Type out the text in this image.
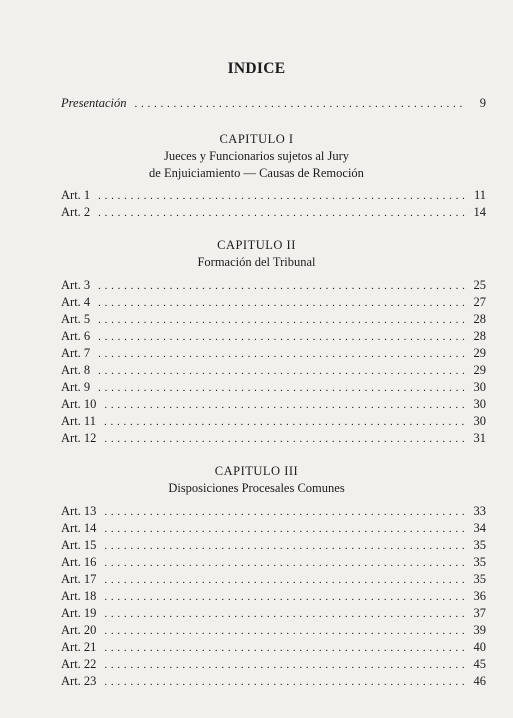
INDICE
Presentación . . .	9
CAPITULO I
Jueces y Funcionarios sujetos al Jury
de Enjuiciamiento — Causas de Remoción
Art. 1 . . .	11
Art. 2 . . .	14
CAPITULO II
Formación del Tribunal
Art. 3 . . .	25
Art. 4 . . .	27
Art. 5 . . .	28
Art. 6 . . .	28
Art. 7 . . .	29
Art. 8 . . .	29
Art. 9 . . .	30
Art. 10 . . .	30
Art. 11 . . .	30
Art. 12 . . .	31
CAPITULO III
Disposiciones Procesales Comunes
Art. 13 . . .	33
Art. 14 . . .	34
Art. 15 . . .	35
Art. 16 . . .	35
Art. 17 . . .	35
Art. 18 . . .	36
Art. 19 . . .	37
Art. 20 . . .	39
Art. 21 . . .	40
Art. 22 . . .	45
Art. 23 . . .	46
